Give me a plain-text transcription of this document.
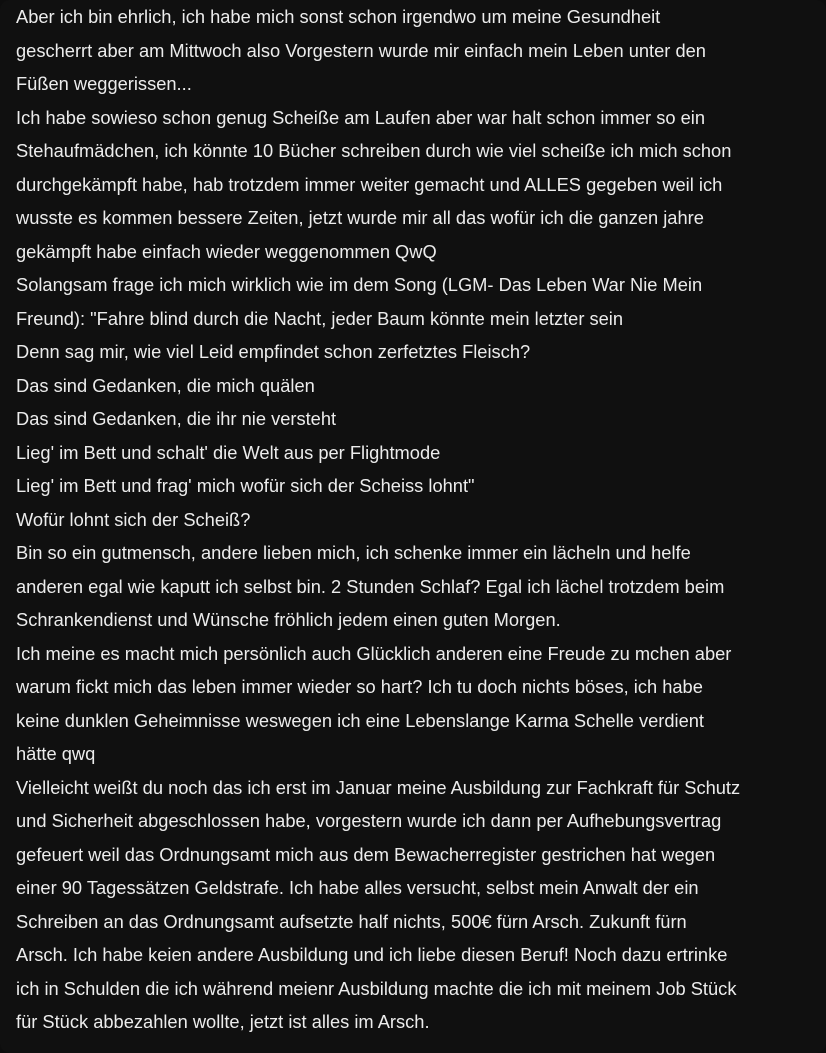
Aber ich bin ehrlich, ich habe mich sonst schon irgendwo um meine Gesundheit
gescherrt aber am Mittwoch also Vorgestern wurde mir einfach mein Leben unter den
Füßen weggerissen...
Ich habe sowieso schon genug Scheiße am Laufen aber war halt schon immer so ein
Stehaufmädchen, ich könnte 10 Bücher schreiben durch wie viel scheiße ich mich schon
durchgekämpft habe, hab trotzdem immer weiter gemacht und ALLES gegeben weil ich
wusste es kommen bessere Zeiten, jetzt wurde mir all das wofür ich die ganzen jahre
gekämpft habe einfach wieder weggenommen QwQ
Solangsam frage ich mich wirklich wie im dem Song (LGM- Das Leben War Nie Mein
Freund): "Fahre blind durch die Nacht, jeder Baum könnte mein letzter sein
Denn sag mir, wie viel Leid empfindet schon zerfetztes Fleisch?
Das sind Gedanken, die mich quälen
Das sind Gedanken, die ihr nie versteht
Lieg' im Bett und schalt' die Welt aus per Flightmode
Lieg' im Bett und frag' mich wofür sich der Scheiss lohnt"
Wofür lohnt sich der Scheiß?
Bin so ein gutmensch, andere lieben mich, ich schenke immer ein lächeln und helfe
anderen egal wie kaputt ich selbst bin. 2 Stunden Schlaf? Egal ich lächel trotzdem beim
Schrankendienst und Wünsche fröhlich jedem einen guten Morgen.
Ich meine es macht mich persönlich auch Glücklich anderen eine Freude zu mchen aber
warum fickt mich das leben immer wieder so hart? Ich tu doch nichts böses, ich habe
keine dunklen Geheimnisse weswegen ich eine Lebenslange Karma Schelle verdient
hätte qwq
Vielleicht weißt du noch das ich erst im Januar meine Ausbildung zur Fachkraft für Schutz
und Sicherheit abgeschlossen habe, vorgestern wurde ich dann per Aufhebungsvertrag
gefeuert weil das Ordnungsamt mich aus dem Bewacherregister gestrichen hat wegen
einer 90 Tagessätzen Geldstrafe. Ich habe alles versucht, selbst mein Anwalt der ein
Schreiben an das Ordnungsamt aufsetzte half nichts, 500€ fürn Arsch. Zukunft fürn
Arsch. Ich habe keien andere Ausbildung und ich liebe diesen Beruf! Noch dazu ertrinke
ich in Schulden die ich während meienr Ausbildung machte die ich mit meinem Job Stück
für Stück abbezahlen wollte, jetzt ist alles im Arsch.
